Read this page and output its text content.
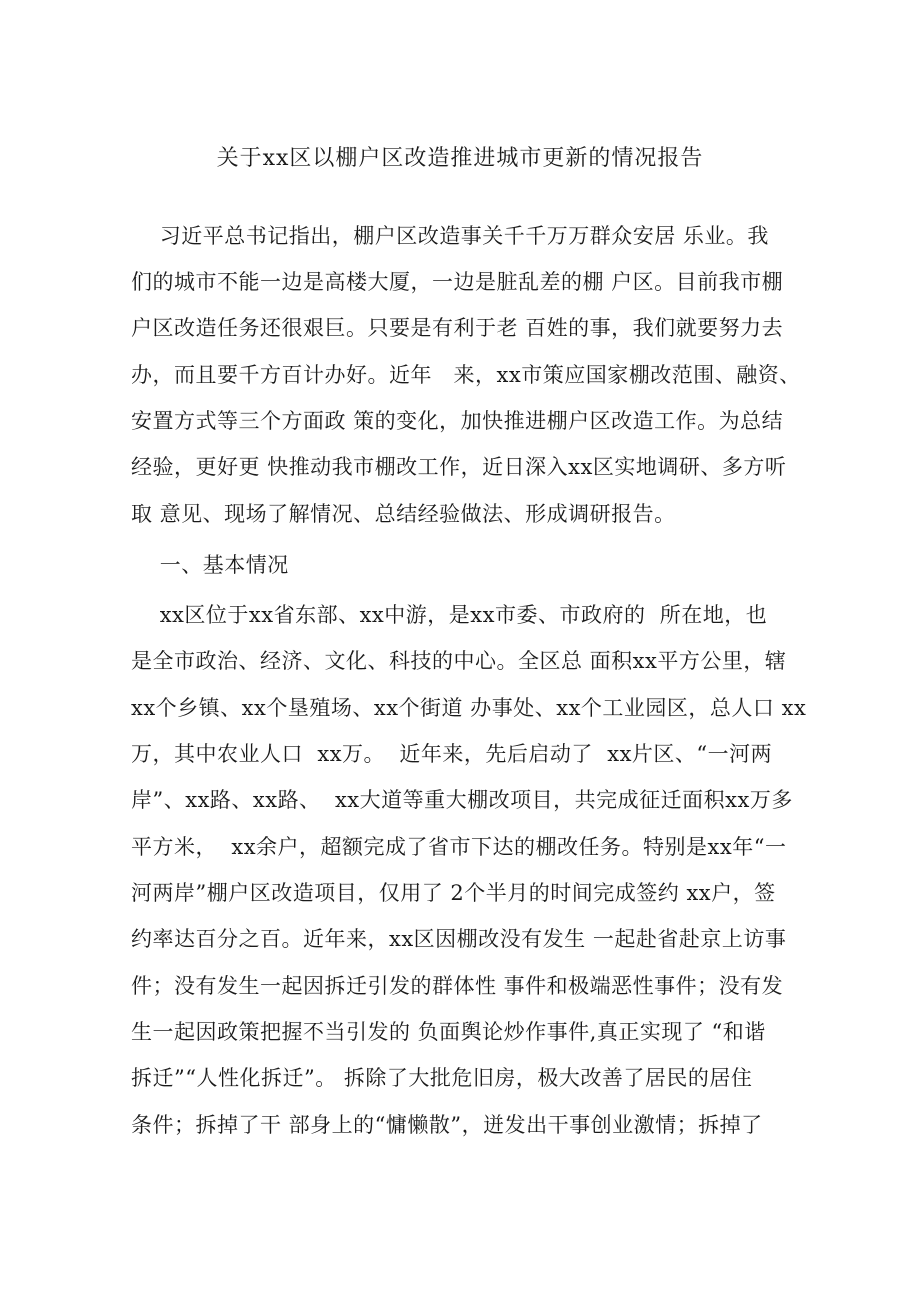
关于xx区以棚户区改造推进城市更新的情况报告
习近平总书记指出，棚户区改造事关千千万万群众安居 乐业。我
们的城市不能一边是高楼大厦，一边是脏乱差的棚 户区。目前我市棚
户区改造任务还很艰巨。只要是有利于老 百姓的事，我们就要努力去
办，而且要千方百计办好。近年   来，xx市策应国家棚改范围、融资、
安置方式等三个方面政 策的变化，加快推进棚户区改造工作。为总结
经验，更好更 快推动我市棚改工作，近日深入xx区实地调研、多方听
取 意见、现场了解情况、总结经验做法、形成调研报告。
一、基本情况
xx区位于xx省东部、xx中游，是xx市委、市政府的  所在地，也
是全市政治、经济、文化、科技的中心。全区总 面积xx平方公里，辖
xx个乡镇、xx个垦殖场、xx个街道 办事处、xx个工业园区，总人口 xx
万，其中农业人口  xx万。  近年来，先后启动了  xx片区、“一河两
岸”、xx路、xx路、  xx大道等重大棚改项目，共完成征迁面积xx万多
平方米，  xx余户，超额完成了省市下达的棚改任务。特别是xx年“一
河两岸”棚户区改造项目，仅用了 2个半月的时间完成签约 xx户，签
约率达百分之百。近年来，xx区因棚改没有发生 一起赴省赴京上访事
件；没有发生一起因拆迁引发的群体性 事件和极端恶性事件；没有发
生一起因政策把握不当引发的 负面舆论炒作事件,真正实现了 “和谐
拆迁”“人性化拆迁”。 拆除了大批危旧房，极大改善了居民的居住
条件；拆掉了干 部身上的“慵懒散”，迸发出干事创业激情；拆掉了
